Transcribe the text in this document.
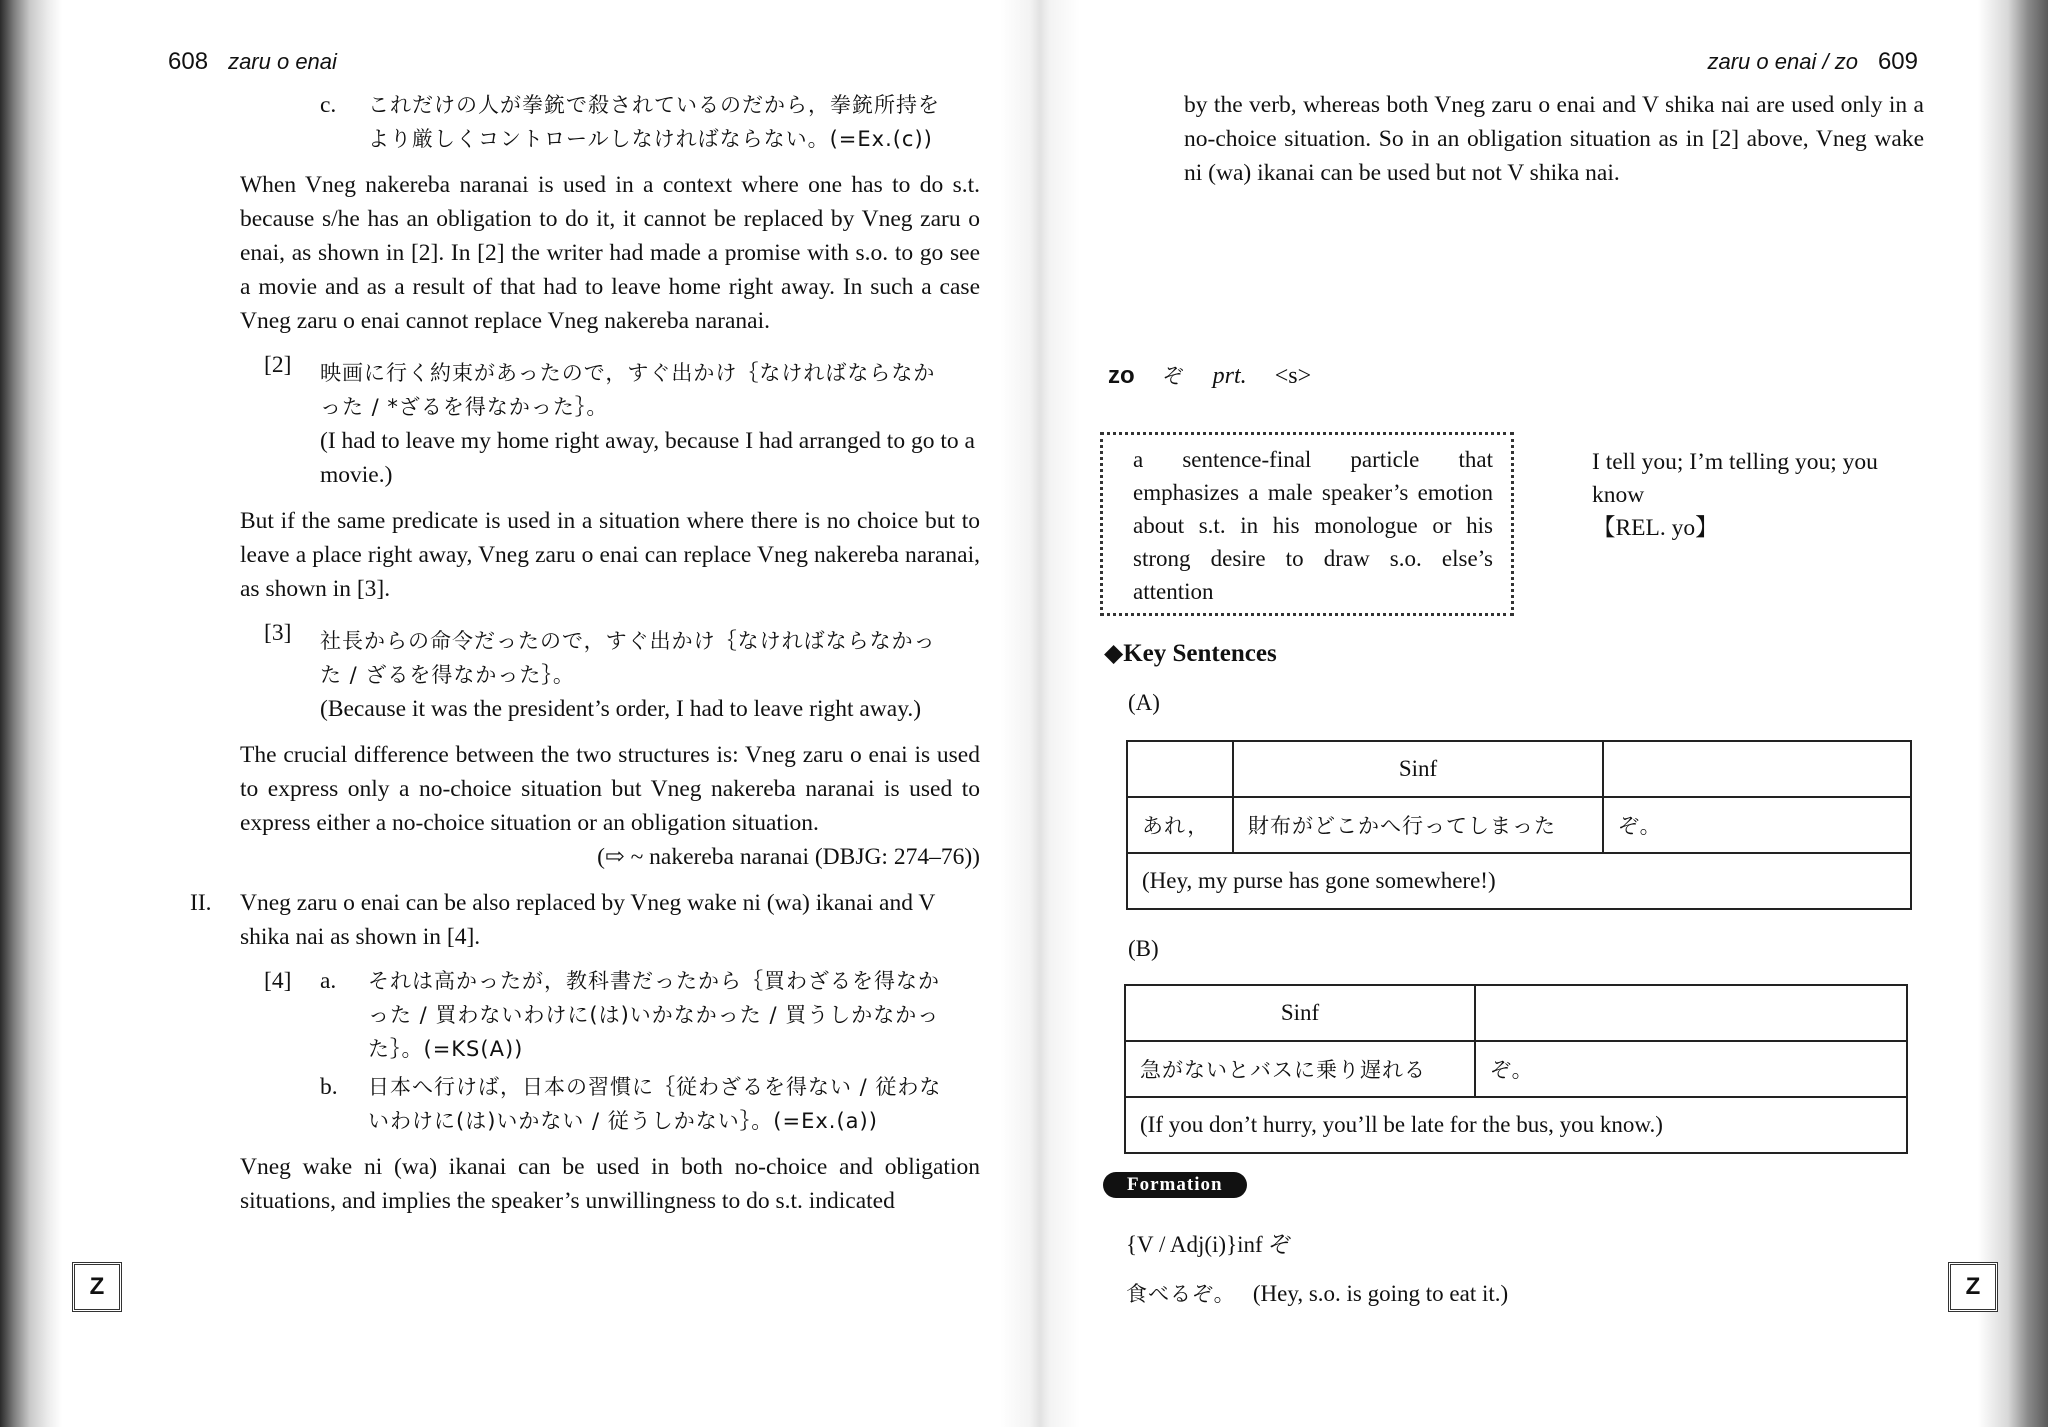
Z	Z
608 zaru o enai
c.	これだけの人が拳銃で殺されているのだから，拳銃所持を

より厳しくコントロールしなければならない。(=Ex.(c))

When Vneg nakereba naranai is used in a context where one has to do s.t. because s/he has an obligation to do it, it cannot be replaced by Vneg zaru o enai, as shown in [2]. In [2] the writer had made a promise with s.o. to go see a movie and as a result of that had to leave home right away. In such a case Vneg zaru o enai cannot replace Vneg nakereba naranai.

[2]	映画に行く約束があったので，すぐ出かけ｛なければならなか

った / *ざるを得なかった｝。

(I had to leave my home right away, because I had arranged to go to a movie.)

But if the same predicate is used in a situation where there is no choice but to leave a place right away, Vneg zaru o enai can replace Vneg nakereba naranai, as shown in [3].

[3]	社長からの命令だったので，すぐ出かけ｛なければならなかっ

た / ざるを得なかった｝。

(Because it was the president’s order, I had to leave right away.)

The crucial difference between the two structures is: Vneg zaru o enai is used to express only a no-choice situation but Vneg nakereba naranai is used to express either a no-choice situation or an obligation situation.

(⇨ ~ nakereba naranai (DBJG: 274–76))

II.	Vneg zaru o enai can be also replaced by Vneg wake ni (wa) ikanai and V shika nai as shown in [4].

[4]	a.	それは高かったが，教科書だったから｛買わざるを得なか

った / 買わないわけに(は)いかなかった / 買うしかなかっ

た｝。(=KS(A))

b.	日本へ行けば，日本の習慣に｛従わざるを得ない / 従わな

いわけに(は)いかない / 従うしかない｝。(=Ex.(a))

Vneg wake ni (wa) ikanai can be used in both no-choice and obligation situations, and implies the speaker’s unwillingness to do s.t. indicated

zaru o enai / zo 609

by the verb, whereas both Vneg zaru o enai and V shika nai are used only in a no-choice situation. So in an obligation situation as in [2] above, Vneg wake ni (wa) ikanai can be used but not V shika nai.

zo ぞ prt. <s>
a sentence-final particle that emphasizes a male speaker’s emotion about s.t. in his monologue or his strong desire to draw s.o. else’s attention

I tell you; I’m telling you; you know

【REL. yo】

◆Key Sentences
(A)
	Sinf	
あれ，	財布がどこかへ行ってしまった	ぞ。
(Hey, my purse has gone somewhere!)		
(B)
Sinf	
急がないとバスに乗り遅れる	ぞ。
(If you don’t hurry, you’ll be late for the bus, you know.)	
Formation
{V / Adj(i)}inf ぞ
食べるぞ。 (Hey, s.o. is going to eat it.)
